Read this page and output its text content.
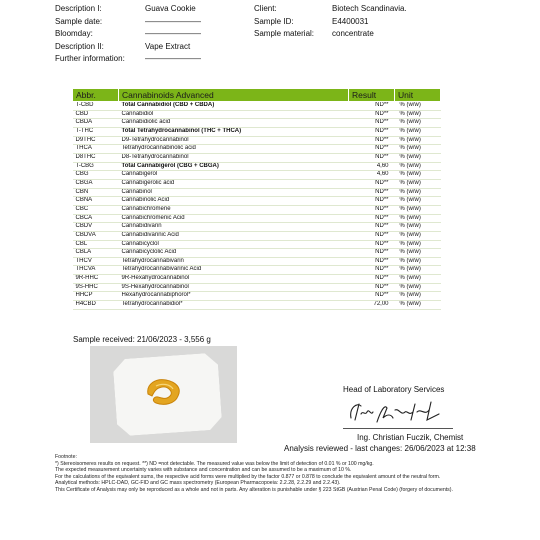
Description I:	Guava Cookie
Sample date:	———————
Bloomday:	———————
Description II:	Vape Extract
Further information:	———————
Client:	Biotech Scandinavia.
Sample ID:	E4400031
Sample material:	concentrate
Abbr.	Cannabinoids Advanced	Result	Unit
T-CBD	Total Cannabidiol (CBD + CBDA)	ND**	% (w/w)
CBD	Cannabidiol	ND**	% (w/w)
CBDA	Cannabidiolic acid	ND**	% (w/w)
T-THC	Total Tetrahydrocannabinol (THC + THCA)	ND**	% (w/w)
D9THC	D9-Tetrahydrocannabinol	ND**	% (w/w)
THCA	Tetrahydrocannabinolic acid	ND**	% (w/w)
D8THC	D8-Tetrahydrocannabinol	ND**	% (w/w)
T-CBG	Total Cannabigerol (CBG + CBGA)	4,60	% (w/w)
CBG	Cannabigerol	4,60	% (w/w)
CBGA	Cannabigerolic acid	ND**	% (w/w)
CBN	Cannabinol	ND**	% (w/w)
CBNA	Cannabinolic Acid	ND**	% (w/w)
CBC	Cannabichromene	ND**	% (w/w)
CBCA	Cannabichromenic Acid	ND**	% (w/w)
CBDV	Cannabidivarin	ND**	% (w/w)
CBDVA	Cannabidivarinic Acid	ND**	% (w/w)
CBL	Cannabicyclol	ND**	% (w/w)
CBLA	Cannabicyclolic Acid	ND**	% (w/w)
THCV	Tetrahydrocannabivarin	ND**	% (w/w)
THCVA	Tetrahydrocannabivarinic Acid	ND**	% (w/w)
9R-HHC	9R-Hexahydrocannabinol	ND**	% (w/w)
9S-HHC	9S-Hexahydrocannabinol	ND**	% (w/w)
HHCP	Hexahydrocannabiphorol*	ND**	% (w/w)
H4CBD	Tetrahydrocannabidiol*	72,00	% (w/w)
Sample received: 21/06/2023 - 3,556 g
Head of Laboratory Services
Ing. Christian Fuczik, Chemist
Analysis reviewed - last changes: 26/06/2023 at 12:38
Footnote:
*) Stereoisomeres results on request. **) ND =not detectable. The measured value was below the limit of detection of 0.01 % or 100 mg/kg.
The expected measurement uncertainty varies with substance and concentration and can be assumed to be a maximum of 10 %.
For the calculations of the equivalent sums, the respective acid forms were multiplied by the factor 0.877 or 0.878 to conclude the equivalent amount of the neutral form.
Analytical methods: HPLC-DAD, GC-FID and GC mass spectrometry (European Pharmacopoeia: 2.2.28, 2.2.29 and 2.2.43).
This Certificate of Analysis may only be reproduced as a whole and not in parts. Any alteration is punishable under § 223 StGB (Austrian Penal Code) (forgery of documents).
